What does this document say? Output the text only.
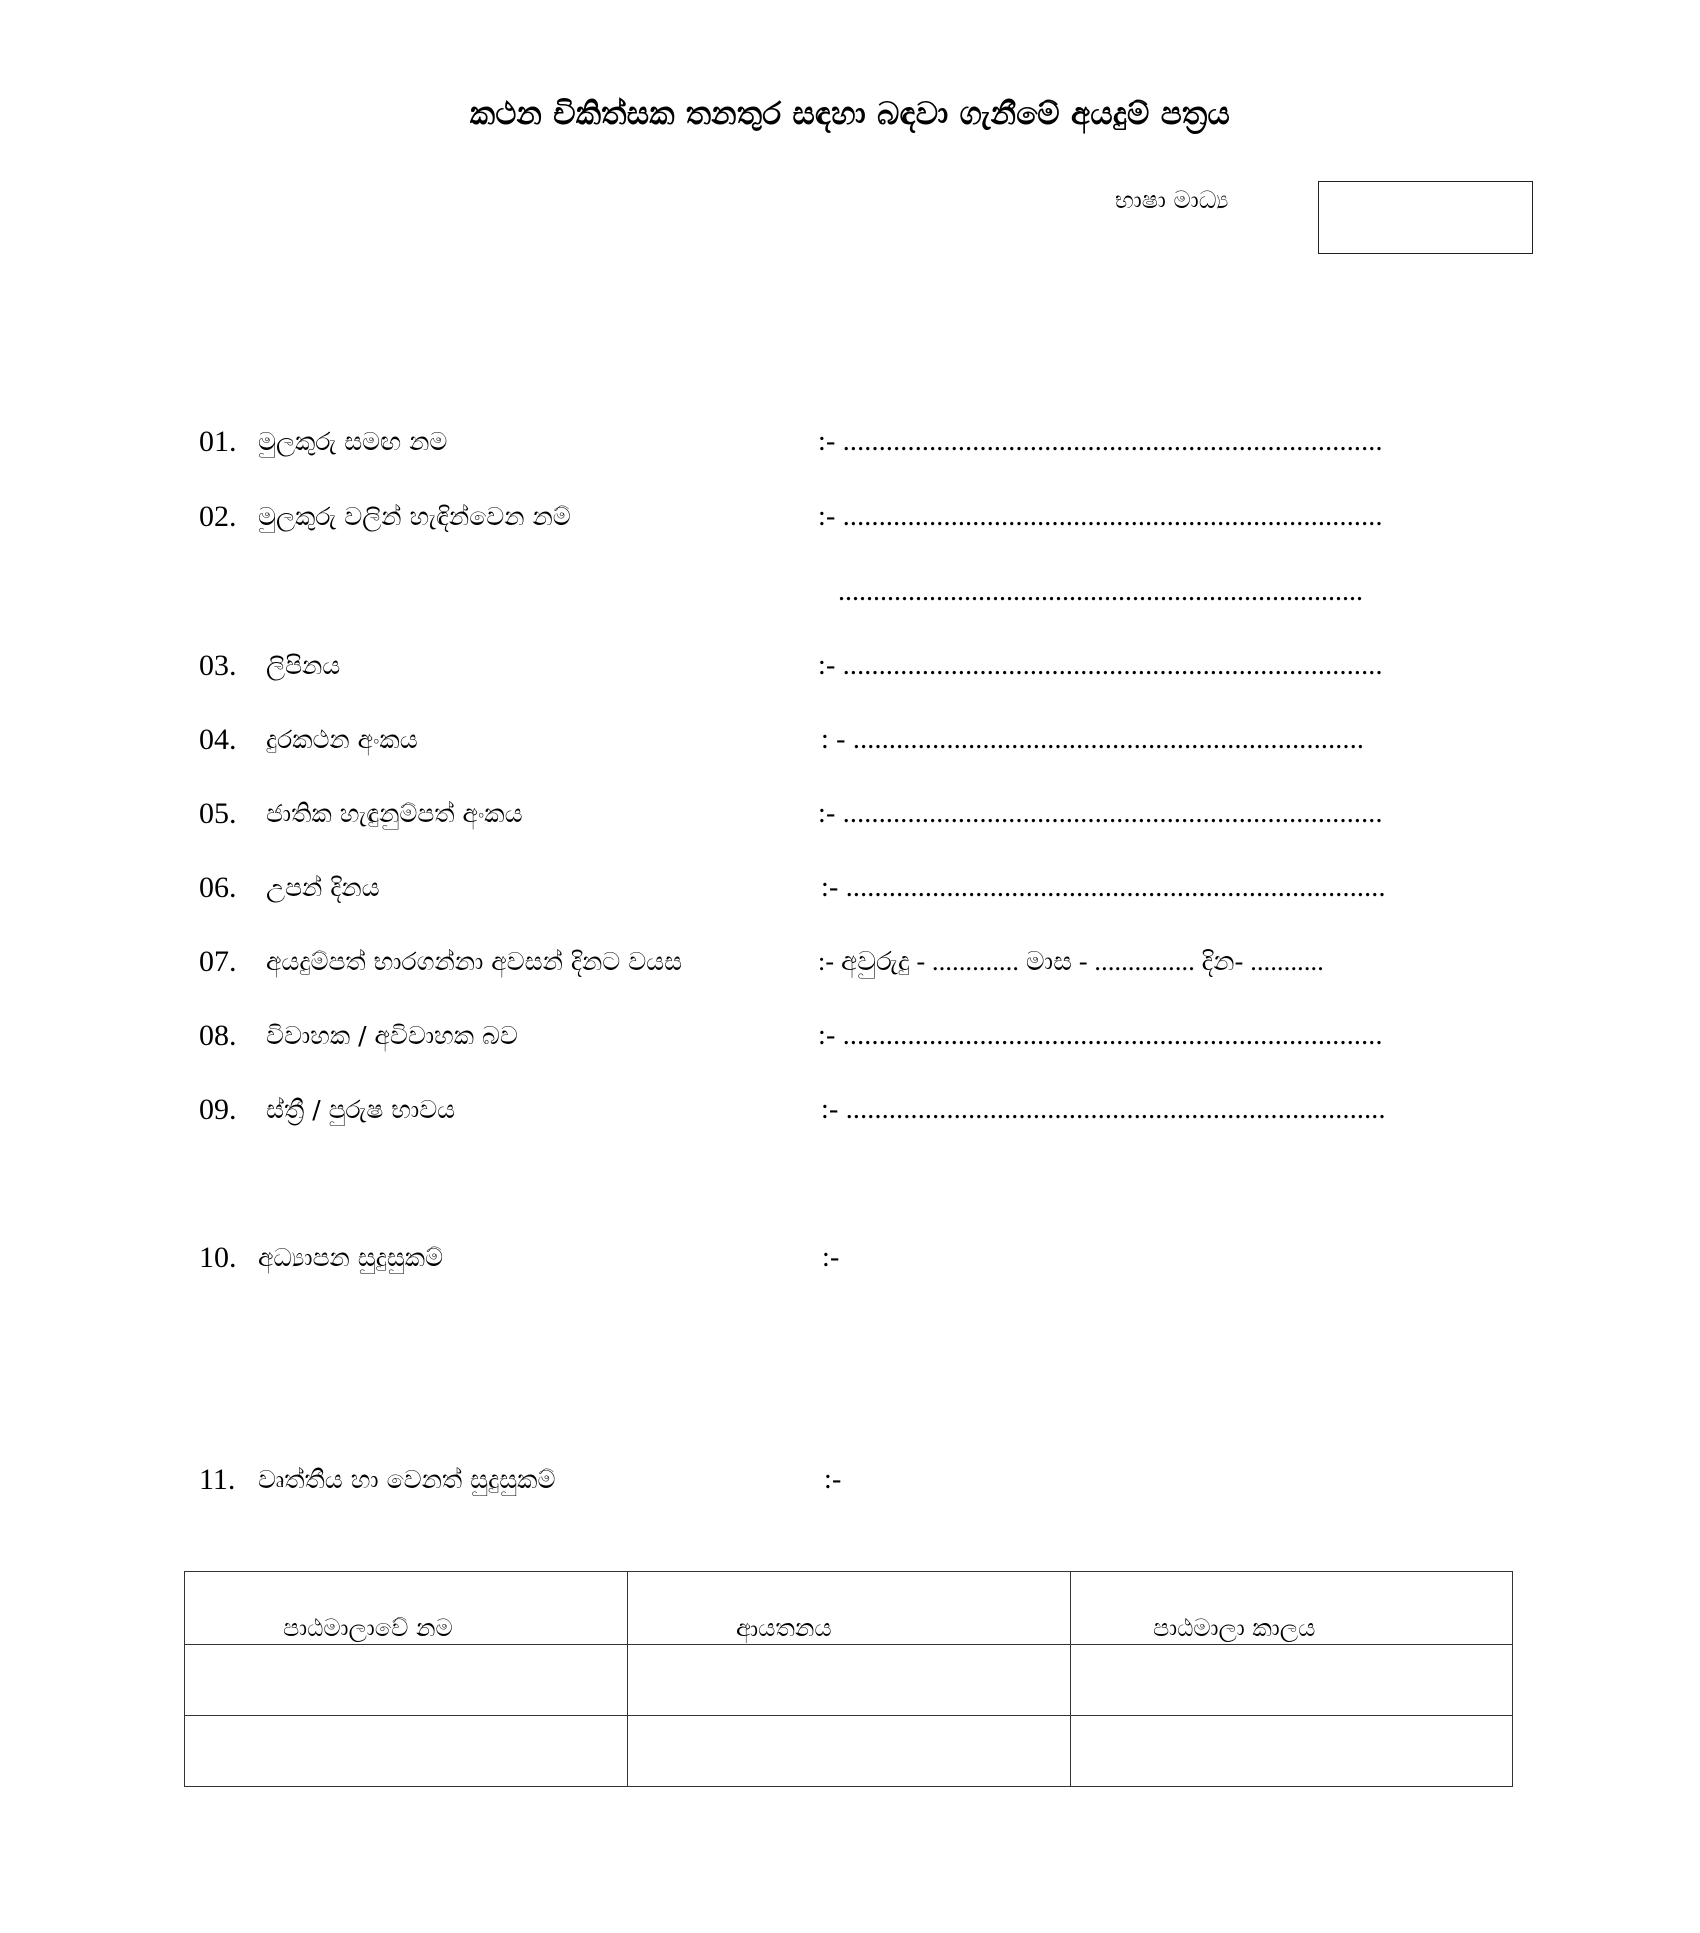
කථන චිකිත්සක තනතුර සඳහා බඳවා ගැනීමේ අයදුම් පත්‍රය
භාෂා මාධ්‍ය
01. මුලකුරු සමඟ නම	:- ...........................................................................
02. මුලකුරු වලින් හැඳින්වෙන නම්	:- ...........................................................................
...........................................................................
03. ලිපිනය	:- ...........................................................................
04. දුරකථන අංකය	: - .......................................................................
05. ජාතික හැඳුනුම්පත් අංකය	:- ...........................................................................
06. උපන් දිනය	:- ...........................................................................
07. අයදුම්පත් භාරගන්නා අවසන් දිනට වයස	:- අවුරුදු - ............. මාස - ............... දින- ...........
08. විවාහක / අවිවාහක බව	:- ...........................................................................
09. ස්ත්‍රී / පුරුෂ භාවය	:- ...........................................................................
10. අධ්‍යාපන සුදුසුකම්	:-
11. වෘත්තීය හා වෙනත් සුදුසුකම්	:-
පාඨමාලාවේ නම	ආයතනය	පාඨමාලා කාලය
